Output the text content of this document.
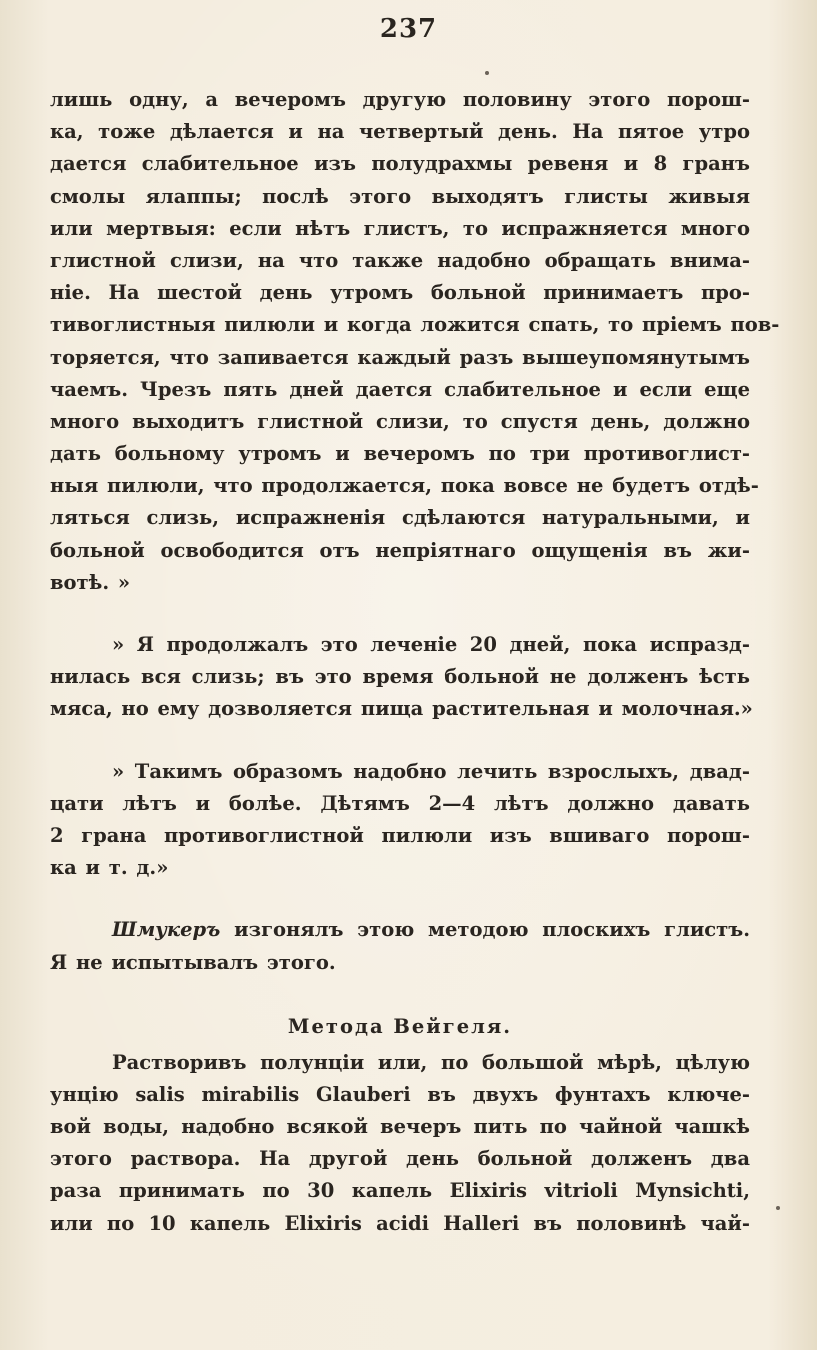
237
лишь одну, а вечеромъ другую половину этого порош-
ка, тоже дѣлается и на четвертый день. На пятое утро
дается слабительное изъ полудрахмы ревеня и 8 гранъ
смолы ялаппы; послѣ этого выходятъ глисты живыя
или мертвыя: если нѣтъ глистъ, то испражняется много
глистной слизи, на что также надобно обращать внима-
ніе. На шестой день утромъ больной принимаетъ про-
тивоглистныя пилюли и когда ложится спать, то пріемъ пов-
торяется, что запивается каждый разъ вышеупомянутымъ
чаемъ. Чрезъ пять дней дается слабительное и если еще
много выходитъ глистной слизи, то спустя день, должно
дать больному утромъ и вечеромъ по три противоглист-
ныя пилюли, что продолжается, пока вовсе не будетъ отдѣ-
ляться слизь, испражненія сдѣлаются натуральными, и
больной освободится отъ непріятнаго ощущенія въ жи-
вотѣ. »
» Я продолжалъ это леченіе 20 дней, пока испразд-
нилась вся слизь; въ это время больной не долженъ ѣсть
мяса, но ему дозволяется пища растительная и молочная.»
» Такимъ образомъ надобно лечить взрослыхъ, двад-
цати лѣтъ и болѣе. Дѣтямъ 2—4 лѣтъ должно давать
2 грана противоглистной пилюли изъ вшиваго порош-
ка и т. д.»
Шмукеръ изгонялъ этою методою плоскихъ глистъ.
Я не испытывалъ этого.
Метода Вейгеля.
Растворивъ полунціи или, по большой мѣрѣ, цѣлую
унцію salis mirabilis Glauberi въ двухъ фунтахъ ключе-
вой воды, надобно всякой вечеръ пить по чайной чашкѣ
этого раствора. На другой день больной долженъ два
раза принимать по 30 капель Elixiris vitrioli Mynsichti,
или по 10 капель Elixiris acidi Halleri въ половинѣ чай-
